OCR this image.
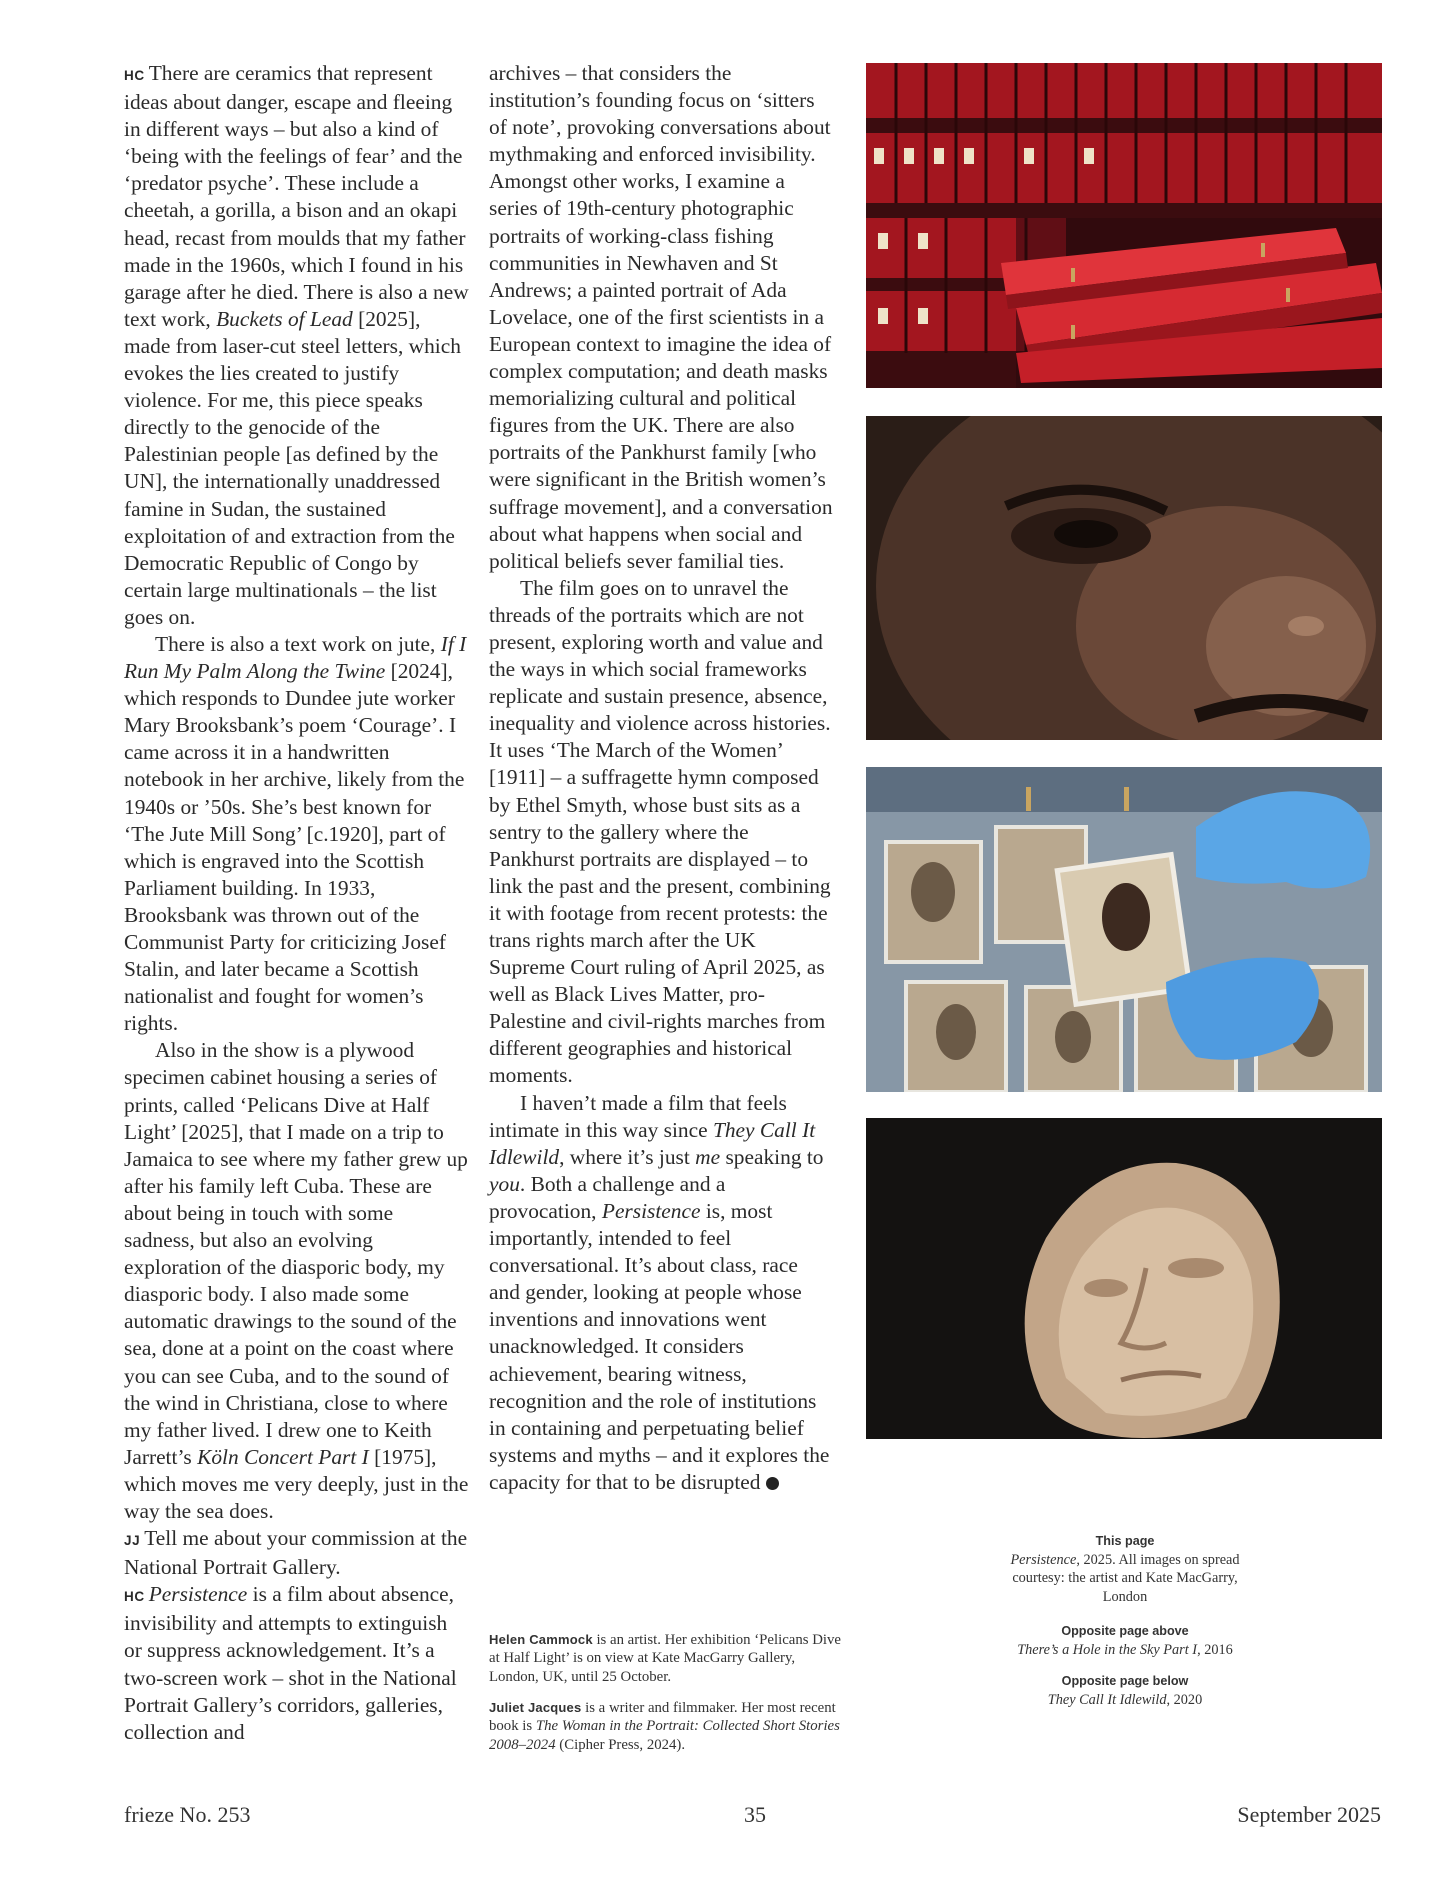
HC There are ceramics that represent ideas about danger, escape and fleeing in different ways – but also a kind of ‘being with the feelings of fear’ and the ‘predator psyche’. These include a cheetah, a gorilla, a bison and an okapi head, recast from moulds that my father made in the 1960s, which I found in his garage after he died. There is also a new text work, Buckets of Lead [2025], made from laser-cut steel letters, which evokes the lies created to justify violence. For me, this piece speaks directly to the genocide of the Palestinian people [as defined by the UN], the internationally unaddressed famine in Sudan, the sustained exploitation of and extraction from the Democratic Republic of Congo by certain large multinationals – the list goes on.

There is also a text work on jute, If I Run My Palm Along the Twine [2024], which responds to Dundee jute worker Mary Brooksbank’s poem ‘Courage’. I came across it in a handwritten notebook in her archive, likely from the 1940s or ’50s. She’s best known for ‘The Jute Mill Song’ [c.1920], part of which is engraved into the Scottish Parliament building. In 1933, Brooksbank was thrown out of the Communist Party for criticizing Josef Stalin, and later became a Scottish nationalist and fought for women’s rights.

Also in the show is a plywood specimen cabinet housing a series of prints, called ‘Pelicans Dive at Half Light’ [2025], that I made on a trip to Jamaica to see where my father grew up after his family left Cuba. These are about being in touch with some sadness, but also an evolving exploration of the diasporic body, my diasporic body. I also made some automatic drawings to the sound of the sea, done at a point on the coast where you can see Cuba, and to the sound of the wind in Christiana, close to where my father lived. I drew one to Keith Jarrett’s Köln Concert Part I [1975], which moves me very deeply, just in the way the sea does.

JJ Tell me about your commission at the National Portrait Gallery.

HC Persistence is a film about absence, invisibility and attempts to extinguish or suppress acknowledgement. It’s a two-screen work – shot in the National Portrait Gallery’s corridors, galleries, collection and

archives – that considers the institution’s founding focus on ‘sitters of note’, provoking conversations about mythmaking and enforced invisibility. Amongst other works, I examine a series of 19th-century photographic portraits of working-class fishing communities in Newhaven and St Andrews; a painted portrait of Ada Lovelace, one of the first scientists in a European context to imagine the idea of complex computation; and death masks memorializing cultural and political figures from the UK. There are also portraits of the Pankhurst family [who were significant in the British women’s suffrage movement], and a conversation about what happens when social and political beliefs sever familial ties.

The film goes on to unravel the threads of the portraits which are not present, exploring worth and value and the ways in which social frameworks replicate and sustain presence, absence, inequality and violence across histories. It uses ‘The March of the Women’ [1911] – a suffragette hymn composed by Ethel Smyth, whose bust sits as a sentry to the gallery where the Pankhurst portraits are displayed – to link the past and the present, combining it with footage from recent protests: the trans rights march after the UK Supreme Court ruling of April 2025, as well as Black Lives Matter, pro-Palestine and civil-rights marches from different geographies and historical moments.

I haven’t made a film that feels intimate in this way since They Call It Idlewild, where it’s just me speaking to you. Both a challenge and a provocation, Persistence is, most importantly, intended to feel conversational. It’s about class, race and gender, looking at people whose inventions and innovations went unacknowledged. It considers achievement, bearing witness, recognition and the role of institutions in containing and perpetuating belief systems and myths – and it explores the capacity for that to be disrupted

Helen Cammock is an artist. Her exhibition ‘Pelicans Dive at Half Light’ is on view at Kate MacGarry Gallery, London, UK, until 25 October.
Juliet Jacques is a writer and filmmaker. Her most recent book is The Woman in the Portrait: Collected Short Stories 2008–2024 (Cipher Press, 2024).
This page
Persistence, 2025. All images on spread courtesy: the artist and Kate MacGarry, London
Opposite page above
There’s a Hole in the Sky Part I, 2016
Opposite page below
They Call It Idlewild, 2020
frieze No. 253	35	September 2025
